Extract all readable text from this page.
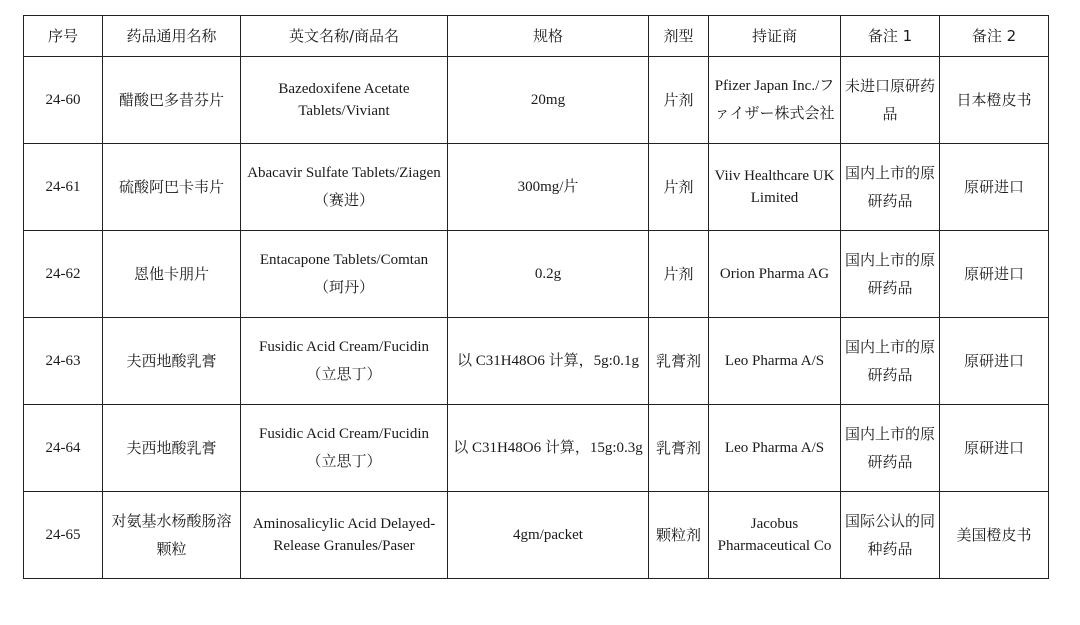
序号	药品通用名称	英文名称/商品名	规格	剂型	持证商	备注 1	备注 2
24-60	醋酸巴多昔芬片	Bazedoxifene Acetate Tablets/Viviant	20mg	片剂	Pfizer Japan Inc./ファイザー株式会社	未进口原研药品	日本橙皮书
24-61	硫酸阿巴卡韦片	Abacavir Sulfate Tablets/Ziagen（赛进）	300mg/片	片剂	Viiv Healthcare UK Limited	国内上市的原研药品	原研进口
24-62	恩他卡朋片	Entacapone Tablets/Comtan（珂丹）	0.2g	片剂	Orion Pharma AG	国内上市的原研药品	原研进口
24-63	夫西地酸乳膏	Fusidic Acid Cream/Fucidin（立思丁）	以 C31H48O6 计算，5g:0.1g	乳膏剂	Leo Pharma A/S	国内上市的原研药品	原研进口
24-64	夫西地酸乳膏	Fusidic Acid Cream/Fucidin（立思丁）	以 C31H48O6 计算，15g:0.3g	乳膏剂	Leo Pharma A/S	国内上市的原研药品	原研进口
24-65	对氨基水杨酸肠溶颗粒	Aminosalicylic Acid Delayed-Release Granules/Paser	4gm/packet	颗粒剂	Jacobus Pharmaceutical Co	国际公认的同种药品	美国橙皮书
